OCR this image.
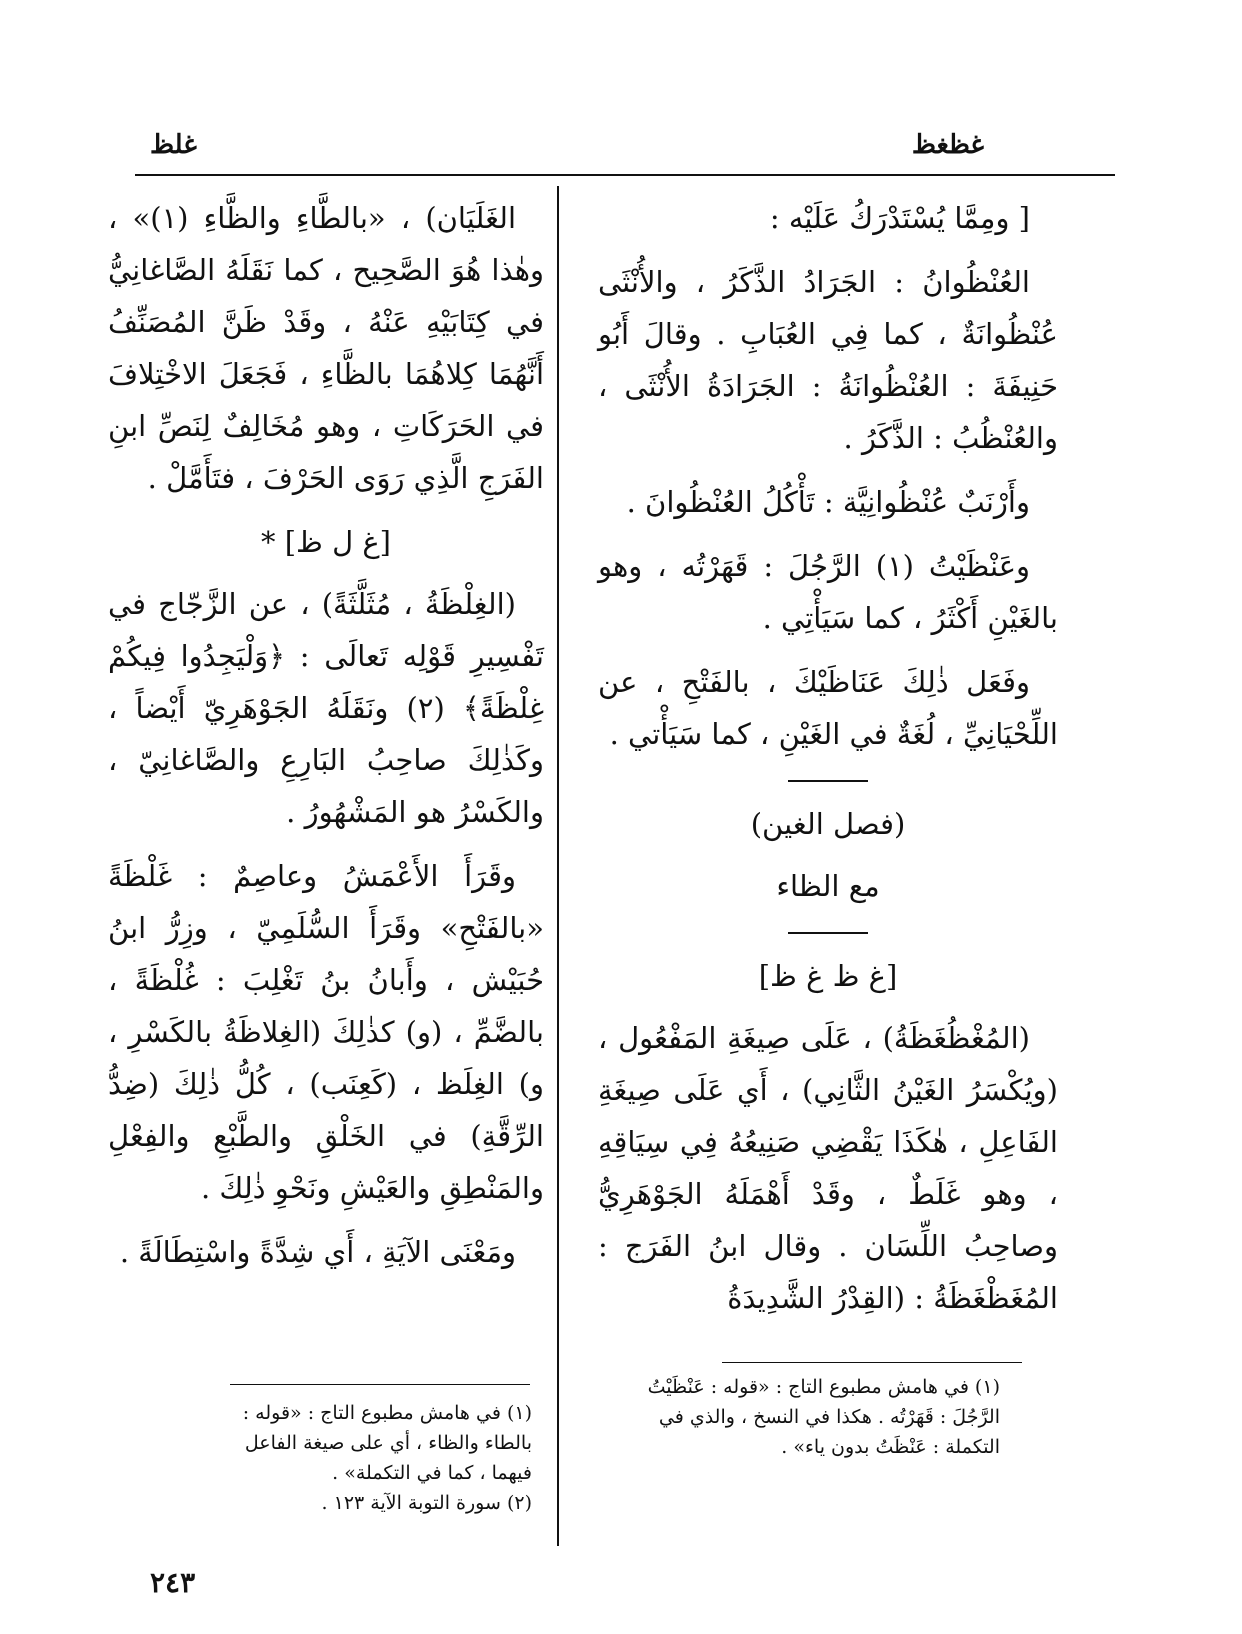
غظغظ
غلظ

[ ومِمَّا يُسْتَدْرَكُ عَلَيْه :

العُنْظُوانُ : الجَرَادُ الذَّكَرُ ، والأُنْثَى عُنْظُوانَةٌ ، كما فِي العُبَابِ . وقالَ أَبُو حَنِيفَةَ : العُنْظُوانَةُ : الجَرَادَةُ الأُنْثَى ، والعُنْظُبُ : الذَّكَرُ .

وأَرْنَبٌ عُنْظُوانِيَّة : تَأْكُلُ العُنْظُوانَ .

وعَنْظَيْتُ (١) الرَّجُلَ : قَهَرْتُه ، وهو بالغَيْنِ أَكْثَرُ ، كما سَيَأْتِي .

وفَعَل ذٰلِكَ عَنَاظَيْكَ ، بالفَتْحِ ، عن اللِّحْيَانِيِّ ، لُغَةٌ في الغَيْنِ ، كما سَيَأْتي .

(فصل الغين)

مع الظاء

[غ ظ غ ظ]

(المُغْظُغَظَةُ) ، عَلَى صِيغَةِ المَفْعُول ، (ويُكْسَرُ الغَيْنُ الثَّانِي) ، أَي عَلَى صِيغَةِ الفَاعِلِ ، هٰكَذَا يَقْضِي صَنِيعُهُ فِي سِيَاقِهِ ، وهو غَلَطٌ ، وقَدْ أَهْمَلَهُ الجَوْهَرِيُّ وصاحِبُ اللِّسَان . وقال ابنُ الفَرَج : المُغَظْغَظَةُ : (القِدْرُ الشَّدِيدَةُ

الغَلَيَان) ، «بالطَّاءِ والظَّاءِ (١)» ، وهٰذا هُوَ الصَّحِيح ، كما نَقَلَهُ الصَّاغانِيُّ في كِتَابَيْهِ عَنْهُ ، وقَدْ ظَنَّ المُصَنِّفُ أَنَّهُمَا كِلاهُمَا بالظَّاءِ ، فَجَعَلَ الاخْتِلافَ في الحَرَكَاتِ ، وهو مُخَالِفٌ لِنَصِّ ابنِ الفَرَجِ الَّذِي رَوَى الحَرْفَ ، فتَأَمَّلْ .

[غ ل ظ] *

(الغِلْظَةُ ، مُثَلَّثَةً) ، عن الزَّجّاج في تَفْسِيرِ قَوْلِه تَعالَى : ﴿وَلْيَجِدُوا فِيكُمْ غِلْظَةً﴾ (٢) ونَقَلَهُ الجَوْهَرِيّ أَيْضاً ، وكَذٰلِكَ صاحِبُ البَارِعِ والصَّاغانِيّ ، والكَسْرُ هو المَشْهُورُ .

وقَرَأَ الأَعْمَشُ وعاصِمٌ : غَلْظَةً «بالفَتْحِ» وقَرَأَ السُّلَمِيّ ، وزِرُّ ابنُ حُبَيْش ، وأَبانُ بنُ تَغْلِبَ : غُلْظَةً ، بالضَّمِّ ، (و) كذٰلِكَ (الغِلاظَةُ بالكَسْرِ ، و) الغِلَظ ، (كَعِنَب) ، كُلُّ ذٰلِكَ (ضِدُّ الرِّقَّةِ) في الخَلْقِ والطَّبْعِ والفِعْلِ والمَنْطِقِ والعَيْشِ ونَحْوِ ذٰلِكَ .

ومَعْنَى الآيَةِ ، أَي شِدَّةً واسْتِطَالَةً .

(١) في هامش مطبوع التاج : «قوله : عَنْظَيْتُ الرَّجُلَ : قَهَرْتُه . هكذا في النسخ ، والذي في التكملة : عَنْظَتُ بدون ياء» .

(١) في هامش مطبوع التاج : «قوله : بالطاء والظاء ، أي على صيغة الفاعل فيهما ، كما في التكملة» .

(٢) سورة التوبة الآية ١٢٣ .

٢٤٣
